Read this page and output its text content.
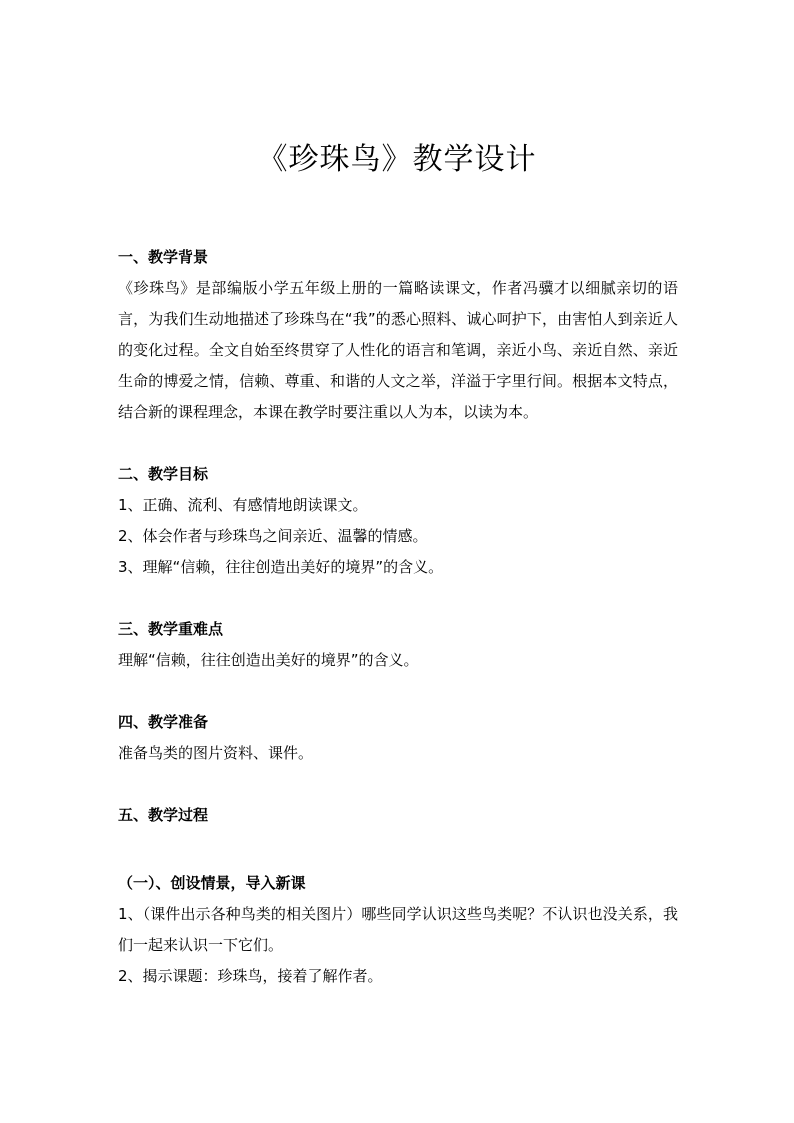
《珍珠鸟》教学设计
一、教学背景

《珍珠鸟》是部编版小学五年级上册的一篇略读课文，作者冯骥才以细腻亲切的语言，为我们生动地描述了珍珠鸟在“我”的悉心照料、诚心呵护下，由害怕人到亲近人的变化过程。全文自始至终贯穿了人性化的语言和笔调，亲近小鸟、亲近自然、亲近生命的博爱之情，信赖、尊重、和谐的人文之举，洋溢于字里行间。根据本文特点，结合新的课程理念，本课在教学时要注重以人为本，以读为本。

二、教学目标

1、正确、流利、有感情地朗读课文。

2、体会作者与珍珠鸟之间亲近、温馨的情感。

3、理解“信赖，往往创造出美好的境界”的含义。

三、教学重难点

理解“信赖，往往创造出美好的境界”的含义。

四、教学准备

准备鸟类的图片资料、课件。

五、教学过程
（一）、创设情景，导入新课

1、（课件出示各种鸟类的相关图片）哪些同学认识这些鸟类呢？不认识也没关系，我们一起来认识一下它们。

2、揭示课题：珍珠鸟，接着了解作者。
